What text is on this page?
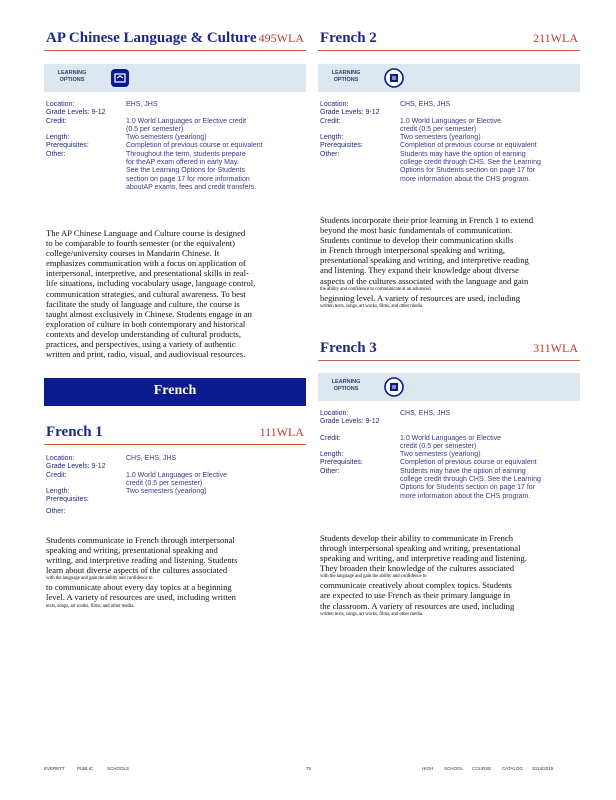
AP Chinese Language & Culture 495WLA
LEARNING
OPTIONS
Location:	EHS, JHS
Grade Levels: 9-12
Credit:	1.0 World Languages or Elective credit
(0.5 per semester)
Length:	Two semesters (yearlong)
Prerequisites:	Completion of previous course or equivalent
Other:	Throughout the term, students prepare
for theAP exam offered in early May.
See the Learning Options for Students
section on page 17 for more information
aboutAP exams, fees and credit transfers.
The AP Chinese Language and Culture course is designed
to be comparable to fourth semester (or the equivalent)
college/university courses in Mandarin Chinese. It
emphasizes communication with a focus on application of
interpersonal, interpretive, and presentational skills in real-
life situations, including vocabulary usage, language control,
communication strategies, and cultural awareness. To best
facilitate the study of language and culture, the course is
taught almost exclusively in Chinese. Students engage in an
exploration of culture in both contemporary and historical
contexts and develop understanding of cultural products,
practices, and perspectives, using a variety of authentic
written and print, radio, visual, and audiovisual resources.
French 1	111WLA
Location:	CHS, EHS, JHS
Grade Levels: 9-12
Credit:	1.0 World Languages or Elective
credit (0.5 per semester)
Length:	Two semesters (yearlong)
Prerequisites:
Other:
Students communicate in French through interpersonal
speaking and writing, presentational speaking and
writing, and interpretive reading and listening. Students
learn about diverse aspects of the cultures associated
with the language and gain the ability and confidence to
to communicate about every day topics at a beginning
level. A variety of resources are used, including written
texts, songs, art works, films, and other media.
French
French 2	211WLA
LEARNING
OPTIONS
Location:	CHS, EHS, JHS
Grade Levels: 9-12
Credit:	1.0 World Languages or Elective
credit (0.5 per semester)
Length:	Two semesters (yearlong)
Prerequisites:	Completion of previous course or equivalent
Other:	Students may have the option of earning
college credit through CHS. See the Learning
Options for Students section on page 17 for
more information about the CHS program.
Students incorporate their prior learning in French 1 to extend
beyond the most basic fundamentals of communication.
Students continue to develop their communication skills
in French through interpersonal speaking and writing,
presentational speaking and writing, and interpretive reading
and listening. They expand their knowledge about diverse
aspects of the cultures associated with the language and gain
the ability and confidence to communicate at an advanced
beginning level. A variety of resources are used, including
written texts, songs, art works, films, and other media.
French 3	311WLA
LEARNING
OPTIONS
Location:	CHS, EHS, JHS
Grade Levels: 9-12
Credit:	1.0 World Languages or Elective
credit (0.5 per semester)
Length:	Two semesters (yearlong)
Prerequisites:	Completion of previous course or equivalent
Other:	Students may have the option of earning
college credit through CHS. See the Learning
Options for Students section on page 17 for
more information about the CHS program.
Students develop their ability to communicate in French
through interpersonal speaking and writing, presentational
speaking and writing, and interpretive reading and listening.
They broaden their knowledge of the cultures associated
with the language and gain the ability and confidence to
communicate creatively about complex topics. Students
are expected to use French as their primary language in
the classroom. A variety of resources are used, including
written texts, songs, art works, films, and other media.
EVERETT	PUBLIC	SCHOOLS	75	HIGH SCHOOL COURSE CATALOG 2014/2015
